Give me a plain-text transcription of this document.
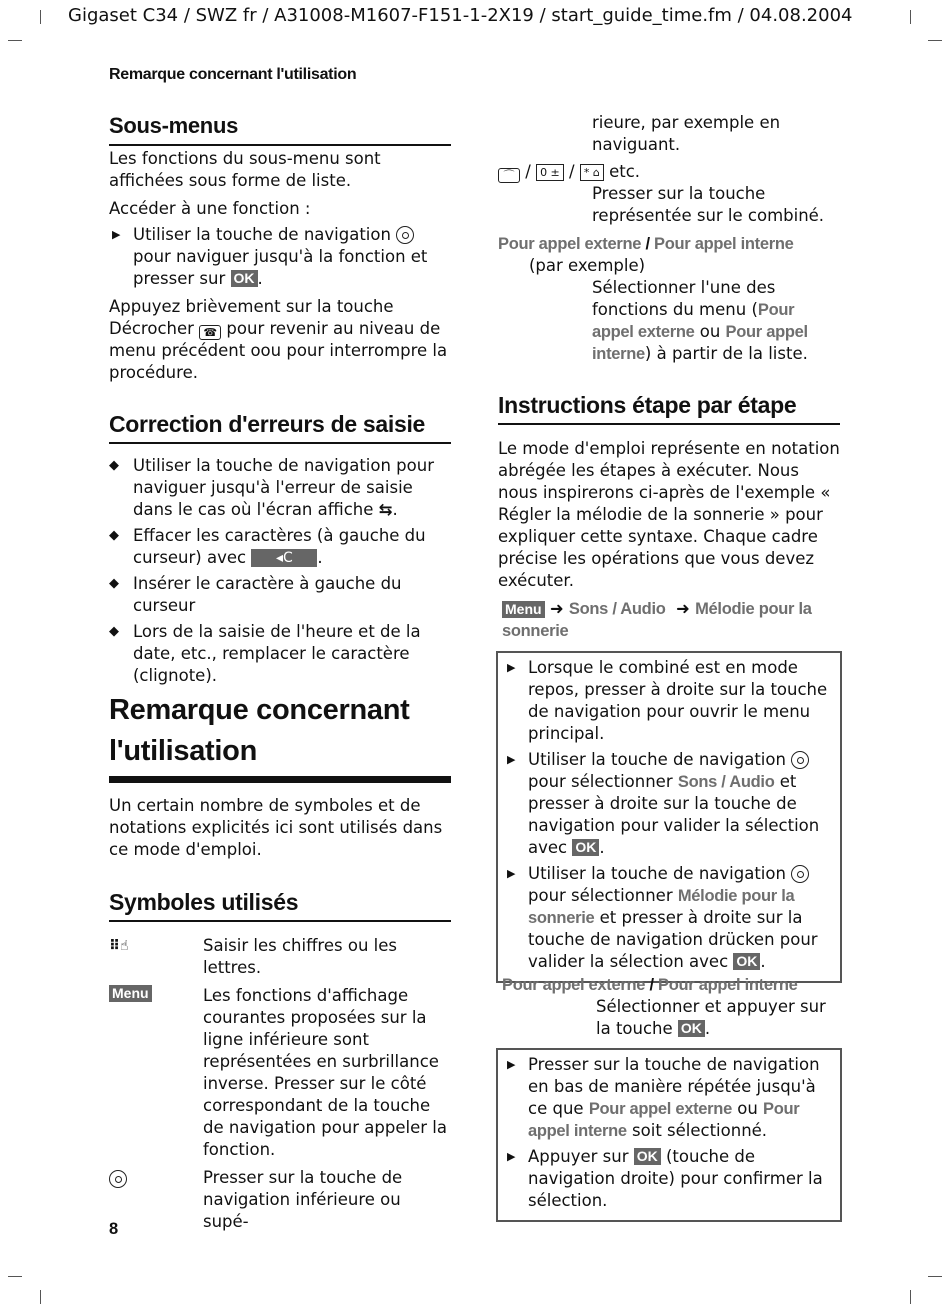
Gigaset C34 / SWZ fr / A31008-M1607-F151-1-2X19 / start_guide_time.fm / 04.08.2004
Remarque concernant l'utilisation
Sous-menus

Les fonctions du sous-menu sont affichées sous forme de liste.

Accéder à une fonction :

▶ Utiliser la touche de navigation  pour naviguer jusqu'à la fonction et presser sur OK .

Appuyez brièvement sur la touche Décrocher ☎ pour revenir au niveau de menu précédent oou pour interrompre la procédure.

Correction d'erreurs de saisie

◆ Utiliser la touche de navigation pour naviguer jusqu'à l'erreur de saisie dans le cas où l'écran affiche ⇆.

◆ Effacer les caractères (à gauche du curseur) avec ◂C .

◆ Insérer le caractère à gauche du curseur

◆ Lors de la saisie de l'heure et de la date, etc., remplacer le caractère (clignote).

Remarque concernant l'utilisation

Un certain nombre de symboles et de notations explicités ici sont utilisés dans ce mode d'emploi.

Symboles utilisés
⠿☝	Saisir les chiffres ou les lettres.

Menu	Les fonctions d'affichage courantes proposées sur la ligne inférieure sont représentées en surbrillance inverse. Presser sur le côté correspondant de la touche de navigation pour appeler la fonction.

Presser sur la touche de navigation inférieure ou supé-

8

rieure, par exemple en naviguant.

⌒ / 0 ± / * ⌂ etc.

Presser sur la touche représentée sur le combiné.

Pour appel externe / Pour appel interne

(par exemple)

Sélectionner l'une des fonctions du menu (Pour appel externe ou Pour appel interne) à partir de la liste.

Instructions étape par étape

Le mode d'emploi représente en notation abrégée les étapes à exécuter. Nous nous inspirerons ci-après de l'exemple « Régler la mélodie de la sonnerie » pour expliquer cette syntaxe. Chaque cadre précise les opérations que vous devez exécuter.

Menu ➜ Sons / Audio ➜ Mélodie pour la sonnerie

▶ Lorsque le combiné est en mode repos, presser à droite sur la touche de navigation pour ouvrir le menu principal.

▶ Utiliser la touche de navigation  pour sélectionner Sons / Audio et presser à droite sur la touche de navigation pour valider la sélection avec OK .

▶ Utiliser la touche de navigation  pour sélectionner Mélodie pour la sonnerie et presser à droite sur la touche de navigation drücken pour valider la sélection avec OK .

Pour appel externe / Pour appel interne

Sélectionner et appuyer sur la touche OK .

▶ Presser sur la touche de navigation en bas de manière répétée jusqu'à ce que Pour appel externe ou Pour appel interne soit sélectionné.

▶ Appuyer sur OK (touche de navigation droite) pour confirmer la sélection.
